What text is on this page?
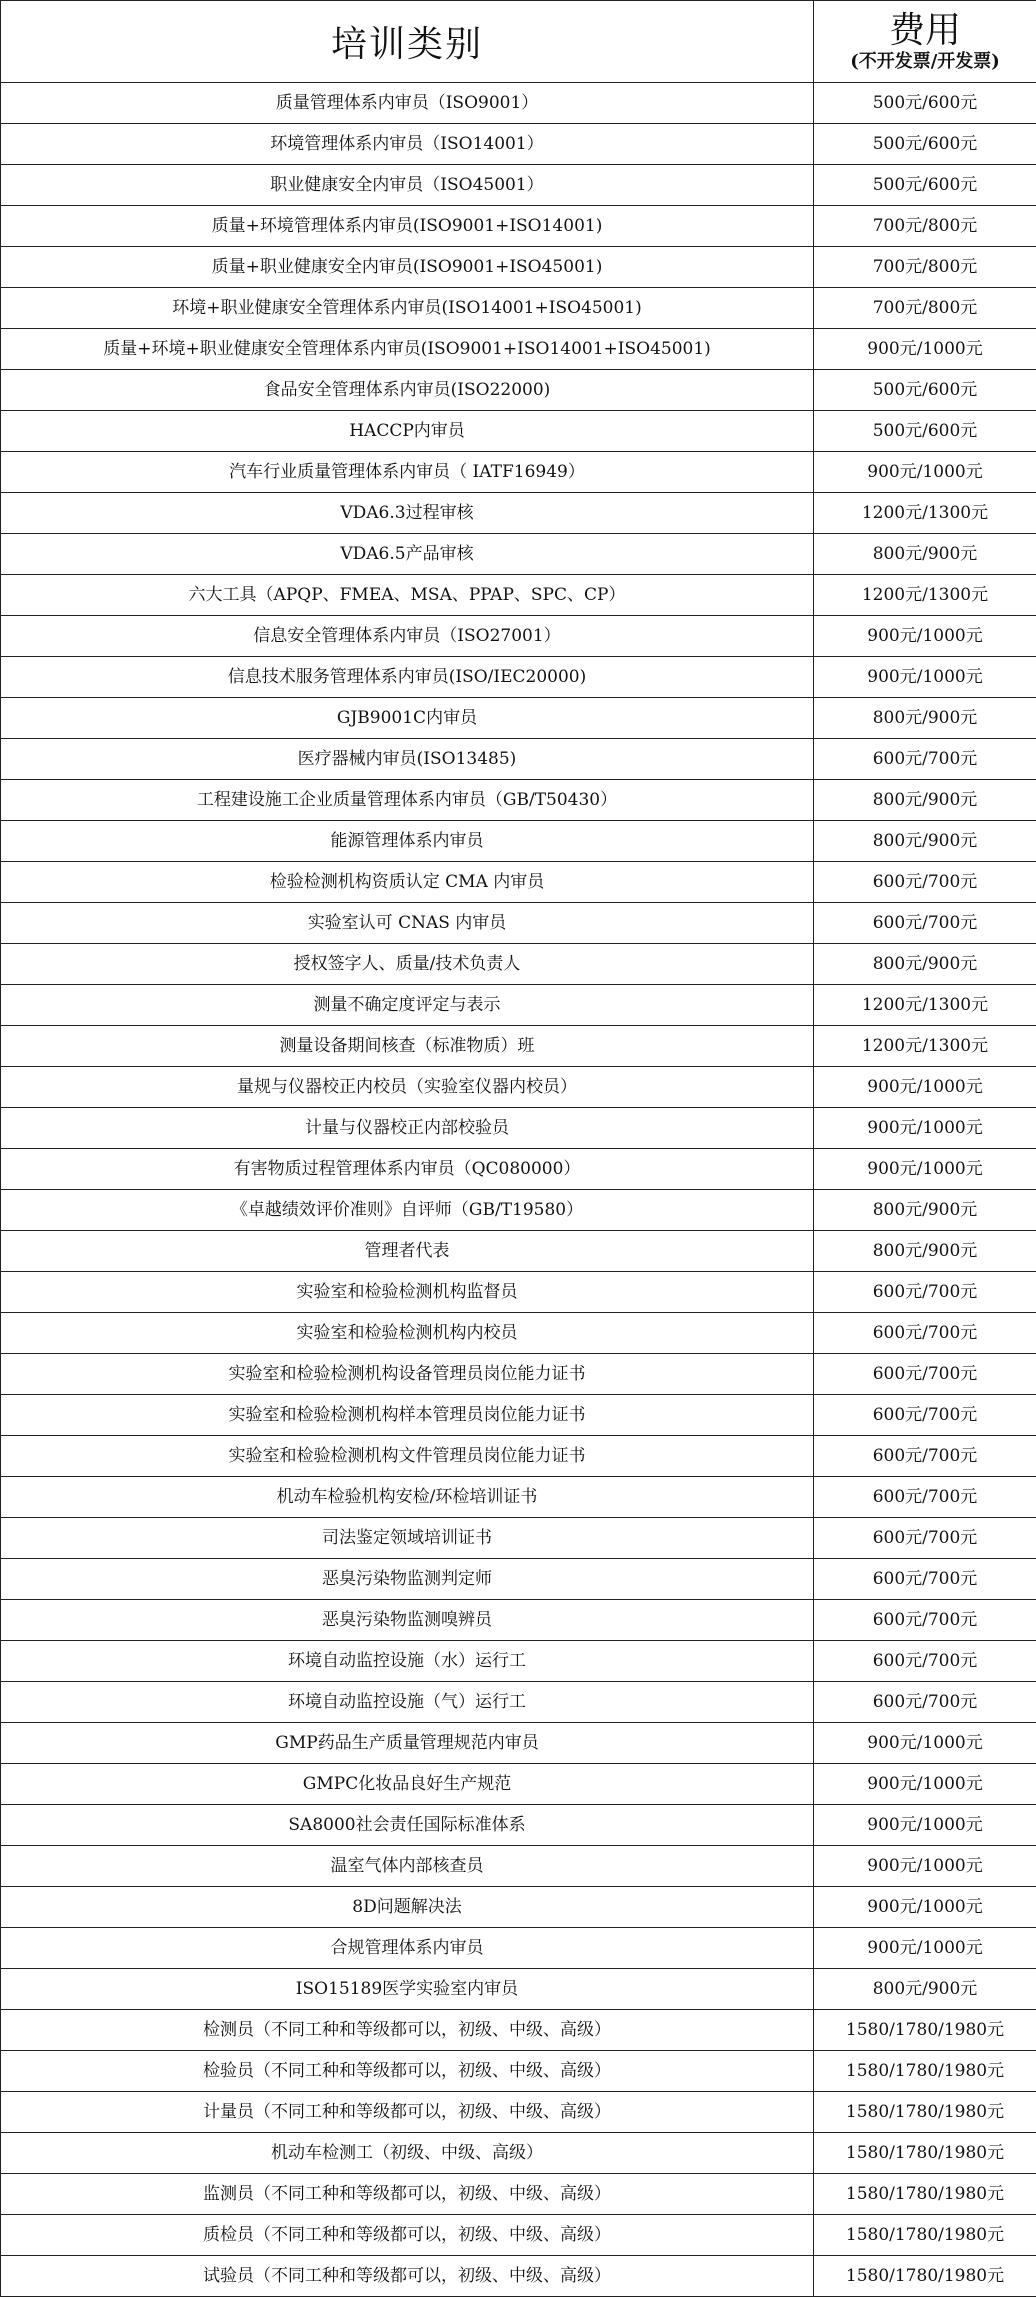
培训类别	费用
(不开发票/开发票)

质量管理体系内审员（ISO9001）	500元/600元
环境管理体系内审员（ISO14001）	500元/600元
职业健康安全内审员（ISO45001）	500元/600元
质量+环境管理体系内审员(ISO9001+ISO14001)	700元/800元
质量+职业健康安全内审员(ISO9001+ISO45001)	700元/800元
环境+职业健康安全管理体系内审员(ISO14001+ISO45001)	700元/800元
质量+环境+职业健康安全管理体系内审员(ISO9001+ISO14001+ISO45001)	900元/1000元
食品安全管理体系内审员(ISO22000)	500元/600元
HACCP内审员	500元/600元
汽车行业质量管理体系内审员（ IATF16949）	900元/1000元
VDA6.3过程审核	1200元/1300元
VDA6.5产品审核	800元/900元
六大工具（APQP、FMEA、MSA、PPAP、SPC、CP）	1200元/1300元
信息安全管理体系内审员（ISO27001）	900元/1000元
信息技术服务管理体系内审员(ISO/IEC20000)	900元/1000元
GJB9001C内审员	800元/900元
医疗器械内审员(ISO13485)	600元/700元
工程建设施工企业质量管理体系内审员（GB/T50430）	800元/900元
能源管理体系内审员	800元/900元
检验检测机构资质认定 CMA 内审员	600元/700元
实验室认可 CNAS 内审员	600元/700元
授权签字人、质量/技术负责人	800元/900元
测量不确定度评定与表示	1200元/1300元
测量设备期间核查（标准物质）班	1200元/1300元
量规与仪器校正内校员（实验室仪器内校员）	900元/1000元
计量与仪器校正内部校验员	900元/1000元
有害物质过程管理体系内审员（QC080000）	900元/1000元
《卓越绩效评价准则》自评师（GB/T19580）	800元/900元
管理者代表	800元/900元
实验室和检验检测机构监督员	600元/700元
实验室和检验检测机构内校员	600元/700元
实验室和检验检测机构设备管理员岗位能力证书	600元/700元
实验室和检验检测机构样本管理员岗位能力证书	600元/700元
实验室和检验检测机构文件管理员岗位能力证书	600元/700元
机动车检验机构安检/环检培训证书	600元/700元
司法鉴定领域培训证书	600元/700元
恶臭污染物监测判定师	600元/700元
恶臭污染物监测嗅辨员	600元/700元
环境自动监控设施（水）运行工	600元/700元
环境自动监控设施（气）运行工	600元/700元
GMP药品生产质量管理规范内审员	900元/1000元
GMPC化妆品良好生产规范	900元/1000元
SA8000社会责任国际标准体系	900元/1000元
温室气体内部核查员	900元/1000元
8D问题解决法	900元/1000元
合规管理体系内审员	900元/1000元
ISO15189医学实验室内审员	800元/900元
检测员（不同工种和等级都可以，初级、中级、高级）	1580/1780/1980元
检验员（不同工种和等级都可以，初级、中级、高级）	1580/1780/1980元
计量员（不同工种和等级都可以，初级、中级、高级）	1580/1780/1980元
机动车检测工（初级、中级、高级）	1580/1780/1980元
监测员（不同工种和等级都可以，初级、中级、高级）	1580/1780/1980元
质检员（不同工种和等级都可以，初级、中级、高级）	1580/1780/1980元
试验员（不同工种和等级都可以，初级、中级、高级）	1580/1780/1980元
